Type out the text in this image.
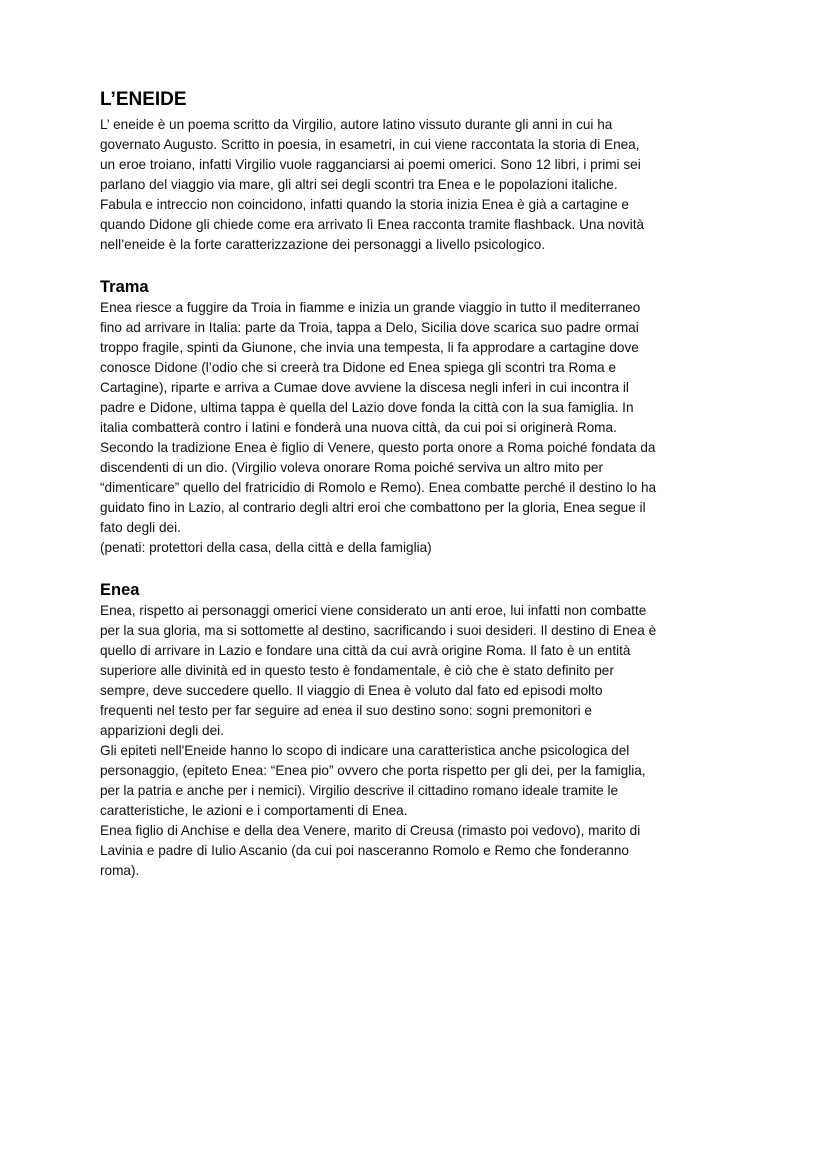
L’ENEIDE

L’ eneide è un poema scritto da Virgilio, autore latino vissuto durante gli anni in cui ha
governato Augusto. Scritto in poesia, in esametri, in cui viene raccontata la storia di Enea,
un eroe troiano, infatti Virgilio vuole ragganciarsi ai poemi omerici. Sono 12 libri, i primi sei
parlano del viaggio via mare, gli altri sei degli scontri tra Enea e le popolazioni italiche.
Fabula e intreccio non coincidono, infatti quando la storia inizia Enea è già a cartagine e
quando Didone gli chiede come era arrivato lì Enea racconta tramite flashback. Una novità
nell’eneide è la forte caratterizzazione dei personaggi a livello psicologico.

Trama

Enea riesce a fuggire da Troia in fiamme e inizia un grande viaggio in tutto il mediterraneo
fino ad arrivare in Italia: parte da Troia, tappa a Delo, Sicilia dove scarica suo padre ormai
troppo fragile, spinti da Giunone, che invia una tempesta, li fa approdare a cartagine dove
conosce Didone (l’odio che si creerà tra Didone ed Enea spiega gli scontri tra Roma e
Cartagine), riparte e arriva a Cumae dove avviene la discesa negli inferi in cui incontra il
padre e Didone, ultima tappa è quella del Lazio dove fonda la città con la sua famiglia. In
italia combatterà contro i latini e fonderà una nuova città, da cui poi si originerà Roma.
Secondo la tradizione Enea è figlio di Venere, questo porta onore a Roma poiché fondata da
discendenti di un dio. (Virgilio voleva onorare Roma poiché serviva un altro mito per
“dimenticare” quello del fratricidio di Romolo e Remo). Enea combatte perché il destino lo ha
guidato fino in Lazio, al contrario degli altri eroi che combattono per la gloria, Enea segue il
fato degli dei.
(penati: protettori della casa, della città e della famiglia)

Enea

Enea, rispetto ai personaggi omerici viene considerato un anti eroe, lui infatti non combatte
per la sua gloria, ma si sottomette al destino, sacrificando i suoi desideri. Il destino di Enea è
quello di arrivare in Lazio e fondare una città da cui avrà origine Roma. Il fato è un entità
superiore alle divinità ed in questo testo è fondamentale, è ciò che è stato definito per
sempre, deve succedere quello. Il viaggio di Enea è voluto dal fato ed episodi molto
frequenti nel testo per far seguire ad enea il suo destino sono: sogni premonitori e
apparizioni degli dei.
Gli epiteti nell'Eneide hanno lo scopo di indicare una caratteristica anche psicologica del
personaggio, (epiteto Enea: “Enea pio” ovvero che porta rispetto per gli dei, per la famiglia,
per la patria e anche per i nemici). Virgilio descrive il cittadino romano ideale tramite le
caratteristiche, le azioni e i comportamenti di Enea.
Enea figlio di Anchise e della dea Venere, marito di Creusa (rimasto poi vedovo), marito di
Lavinia e padre di Iulio Ascanio (da cui poi nasceranno Romolo e Remo che fonderanno
roma).
